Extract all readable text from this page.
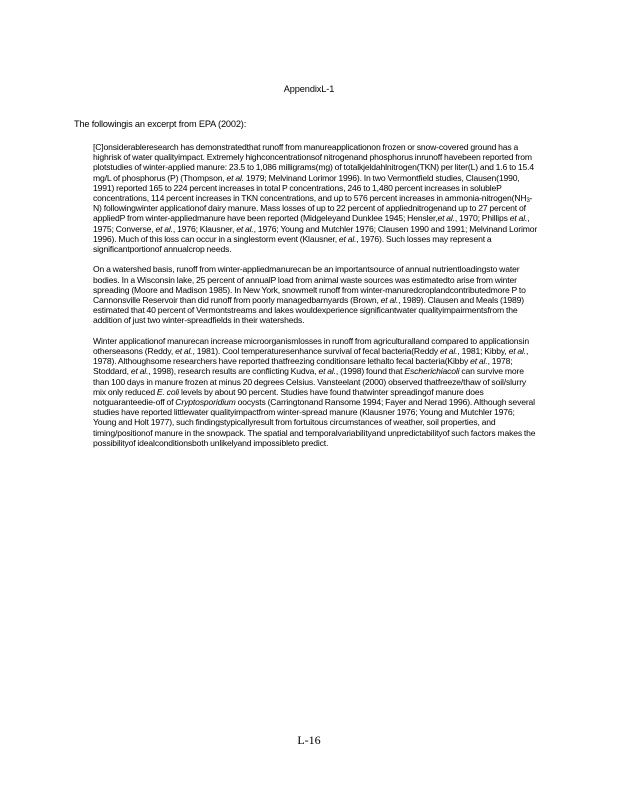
AppendixL-1
The followingis an excerpt from EPA (2002):

[C]onsiderableresearch has demonstratedthat runoff from manureapplicationon frozen or snow-covered ground has a highrisk of water qualityimpact. Extremely highconcentrationsof nitrogenand phosphorus inrunoff havebeen reported from plotstudies of winter-applied manure: 23.5 to 1,086 milligrams(mg) of totalkjeldahlnitrogen(TKN) per liter(L) and 1.6 to 15.4 mg/L of phosphorus (P) (Thompson, et al. 1979; Melvinand Lorimor 1996). In two Vermontfield studies, Clausen(1990, 1991) reported 165 to 224 percent increases in total P concentrations, 246 to 1,480 percent increases in solubleP concentrations, 114 percent increases in TKN concentrations, and up to 576 percent increases in ammonia-$nitrogen(NH_3-N)$ followingwinter applicationof dairy manure. Mass losses of up to 22 percent of appliednitrogenand up to 27 percent of appliedP from winter-appliedmanure have been reported (Midgeleyand Dunklee 1945; Hensler,et al., 1970; Phillips et al., 1975; Converse, et al., 1976; Klausner, et al., 1976; Young and Mutchler 1976; Clausen 1990 and 1991; Melvinand Lorimor 1996). Much of this loss can occur in a singlestorm event (Klausner, et al., 1976). Such losses may represent a significantportionof annualcrop needs.

On a watershed basis, runoff from winter-appliedmanurecan be an importantsource of annual nutrientloadingsto water bodies. In a Wisconsin lake, 25 percent of annualP load from animal waste sources was estimatedto arise from winter spreading (Moore and Madison 1985). In New York, snowmelt runoff from winter-manuredcroplandcontributedmore P to Cannonsville Reservoir than did runoff from poorly managedbarnyards (Brown, et al., 1989). Clausen and Meals (1989) estimated that 40 percent of Vermontstreams and lakes wouldexperience significantwater qualityimpairmentsfrom the addition of just two winter-spreadfields in their watersheds.

Winter applicationof manurecan increase microorganismlosses in runoff from agriculturalland compared to applicationsin otherseasons (Reddy, et al., 1981). Cool temperaturesenhance survival of fecal bacteria(Reddy et al., 1981; Kibby, et al., 1978). Althoughsome researchers have reported thatfreezing conditionsare lethalto fecal bacteria(Kibby et al., 1978; Stoddard, et al., 1998), research results are conflicting Kudva, et al., (1998) found that Escherichiacoli can survive more than 100 days in manure frozen at minus 20 degrees Celsius. Vansteelant (2000) observed thatfreeze/thaw of soil/slurry mix only reduced E. coli levels by about 90 percent. Studies have found thatwinter spreadingof manure does notguaranteedie-off of Cryptosporidium oocysts (Carringtonand Ransome 1994; Fayer and Nerad 1996). Although several studies have reported littlewater qualityimpactfrom winter-spread manure (Klausner 1976; Young and Mutchler 1976; Young and Holt 1977), such findingstypicallyresult from fortuitous circumstances of weather, soil properties, and timing/positionof manure in the snowpack. The spatial and temporalvariabilityand unpredictabilityof such factors makes the possibilityof idealconditionsboth unlikelyand impossibleto predict.

L-16
